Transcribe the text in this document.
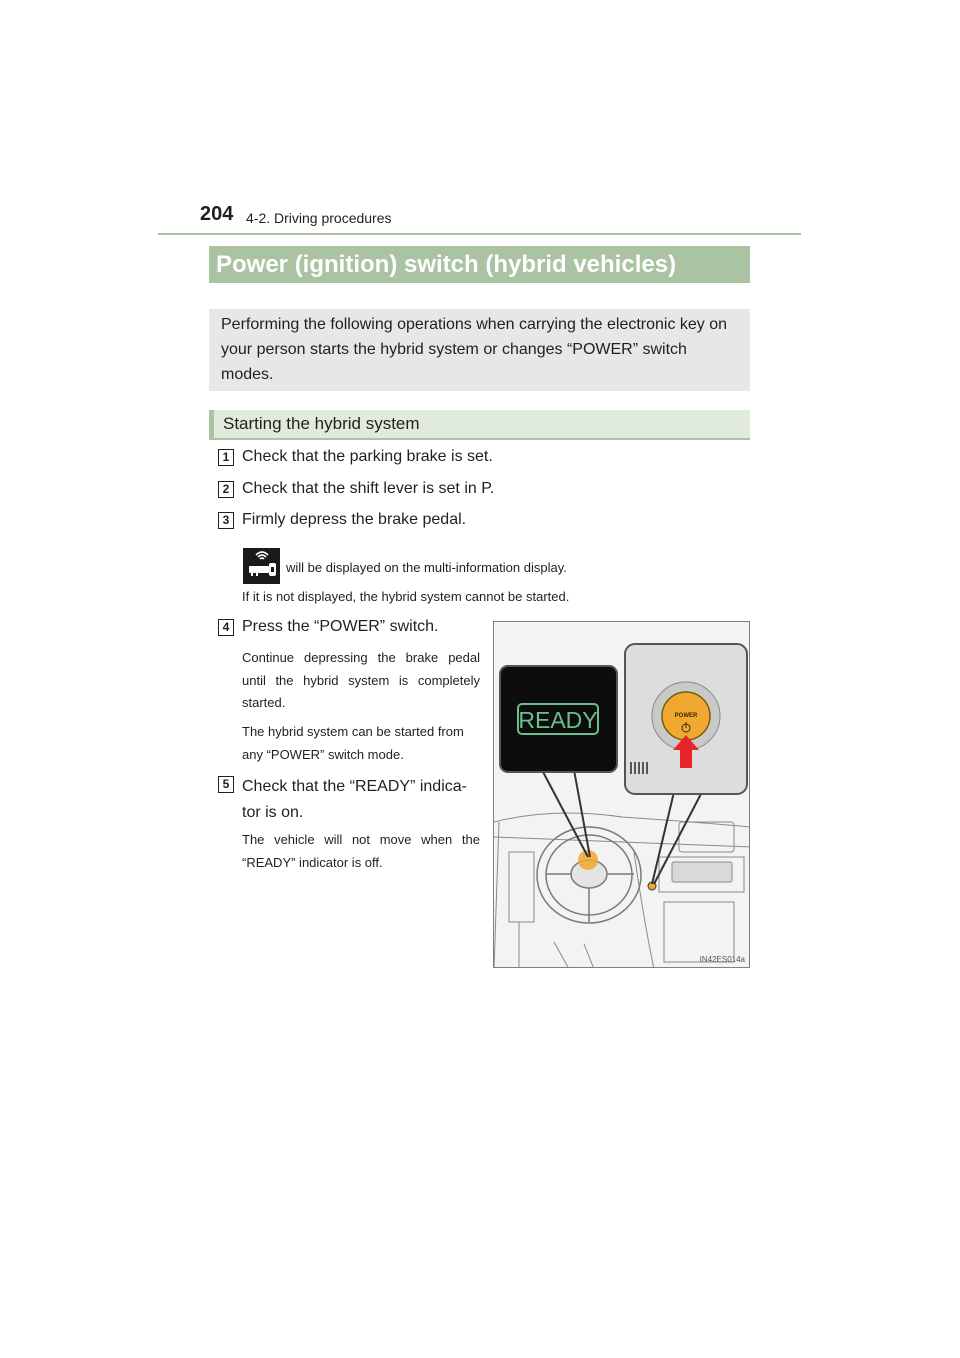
204 4-2. Driving procedures
Power (ignition) switch (hybrid vehicles)
Performing the following operations when carrying the electronic key on your person starts the hybrid system or changes “POWER” switch modes.
Starting the hybrid system
1 Check that the parking brake is set.
2 Check that the shift lever is set in P.
3 Firmly depress the brake pedal.
will be displayed on the multi-information display.
If it is not displayed, the hybrid system cannot be started.
4 Press the “POWER” switch.
Continue depressing the brake pedal until the hybrid system is completely started.
The hybrid system can be started from any “POWER” switch mode.
5 Check that the “READY” indica-tor is on.
The vehicle will not move when the “READY” indicator is off.
READY	POWER
IN42ES014a
